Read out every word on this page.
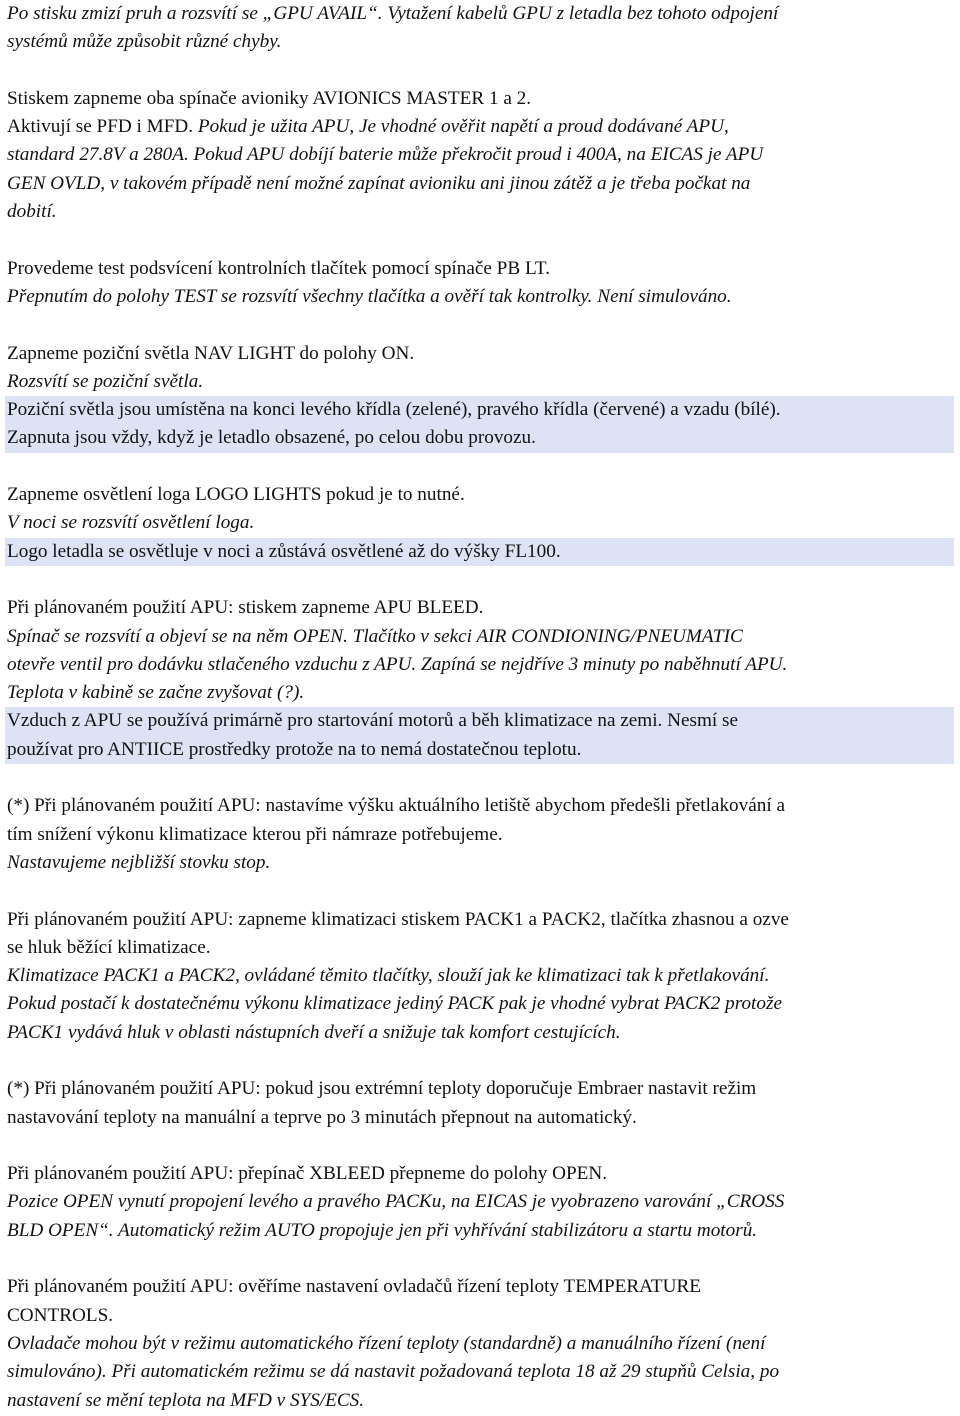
Po stisku zmizí pruh a rozsvítí se „GPU AVAIL“. Vytažení kabelů GPU z letadla bez tohoto odpojení
systémů může způsobit různé chyby.
Stiskem zapneme oba spínače avioniky AVIONICS MASTER 1 a 2.
Aktivují se PFD i MFD. Pokud je užita APU, Je vhodné ověřit napětí a proud dodávané APU,
standard 27.8V a 280A. Pokud APU dobíjí baterie může překročit proud i 400A, na EICAS je APU
GEN OVLD, v takovém případě není možné zapínat avioniku ani jinou zátěž a je třeba počkat na
dobití.
Provedeme test podsvícení kontrolních tlačítek pomocí spínače PB LT.
Přepnutím do polohy TEST se rozsvítí všechny tlačítka a ověří tak kontrolky. Není simulováno.
Zapneme poziční světla NAV LIGHT do polohy ON.
Rozsvítí se poziční světla.
Poziční světla jsou umístěna na konci levého křídla (zelené), pravého křídla (červené) a vzadu (bílé).
Zapnuta jsou vždy, když je letadlo obsazené, po celou dobu provozu.
Zapneme osvětlení loga LOGO LIGHTS pokud je to nutné.
V noci se rozsvítí osvětlení loga.
Logo letadla se osvětluje v noci a zůstává osvětlené až do výšky FL100.
Při plánovaném použití APU: stiskem zapneme APU BLEED.
Spínač se rozsvítí a objeví se na něm OPEN. Tlačítko v sekci AIR CONDIONING/PNEUMATIC
otevře ventil pro dodávku stlačeného vzduchu z APU. Zapíná se nejdříve 3 minuty po naběhnutí APU.
Teplota v kabině se začne zvyšovat (?).
Vzduch z APU se používá primárně pro startování motorů a běh klimatizace na zemi. Nesmí se
používat pro ANTIICE prostředky protože na to nemá dostatečnou teplotu.
(*) Při plánovaném použití APU: nastavíme výšku aktuálního letiště abychom předešli přetlakování a
tím snížení výkonu klimatizace kterou při námraze potřebujeme.
Nastavujeme nejbližší stovku stop.
Při plánovaném použití APU: zapneme klimatizaci stiskem PACK1 a PACK2, tlačítka zhasnou a ozve
se hluk běžící klimatizace.
Klimatizace PACK1 a PACK2, ovládané těmito tlačítky, slouží jak ke klimatizaci tak k přetlakování.
Pokud postačí k dostatečnému výkonu klimatizace jediný PACK pak je vhodné vybrat PACK2 protože
PACK1 vydává hluk v oblasti nástupních dveří a snižuje tak komfort cestujících.
(*) Při plánovaném použití APU: pokud jsou extrémní teploty doporučuje Embraer nastavit režim
nastavování teploty na manuální a teprve po 3 minutách přepnout na automatický.
Při plánovaném použití APU: přepínač XBLEED přepneme do polohy OPEN.
Pozice OPEN vynutí propojení levého a pravého PACKu, na EICAS je vyobrazeno varování „CROSS
BLD OPEN“. Automatický režim AUTO propojuje jen při vyhřívání stabilizátoru a startu motorů.
Při plánovaném použití APU: ověříme nastavení ovladačů řízení teploty TEMPERATURE
CONTROLS.
Ovladače mohou být v režimu automatického řízení teploty (standardně) a manuálního řízení (není
simulováno). Při automatickém režimu se dá nastavit požadovaná teplota 18 až 29 stupňů Celsia, po
nastavení se mění teplota na MFD v SYS/ECS.
